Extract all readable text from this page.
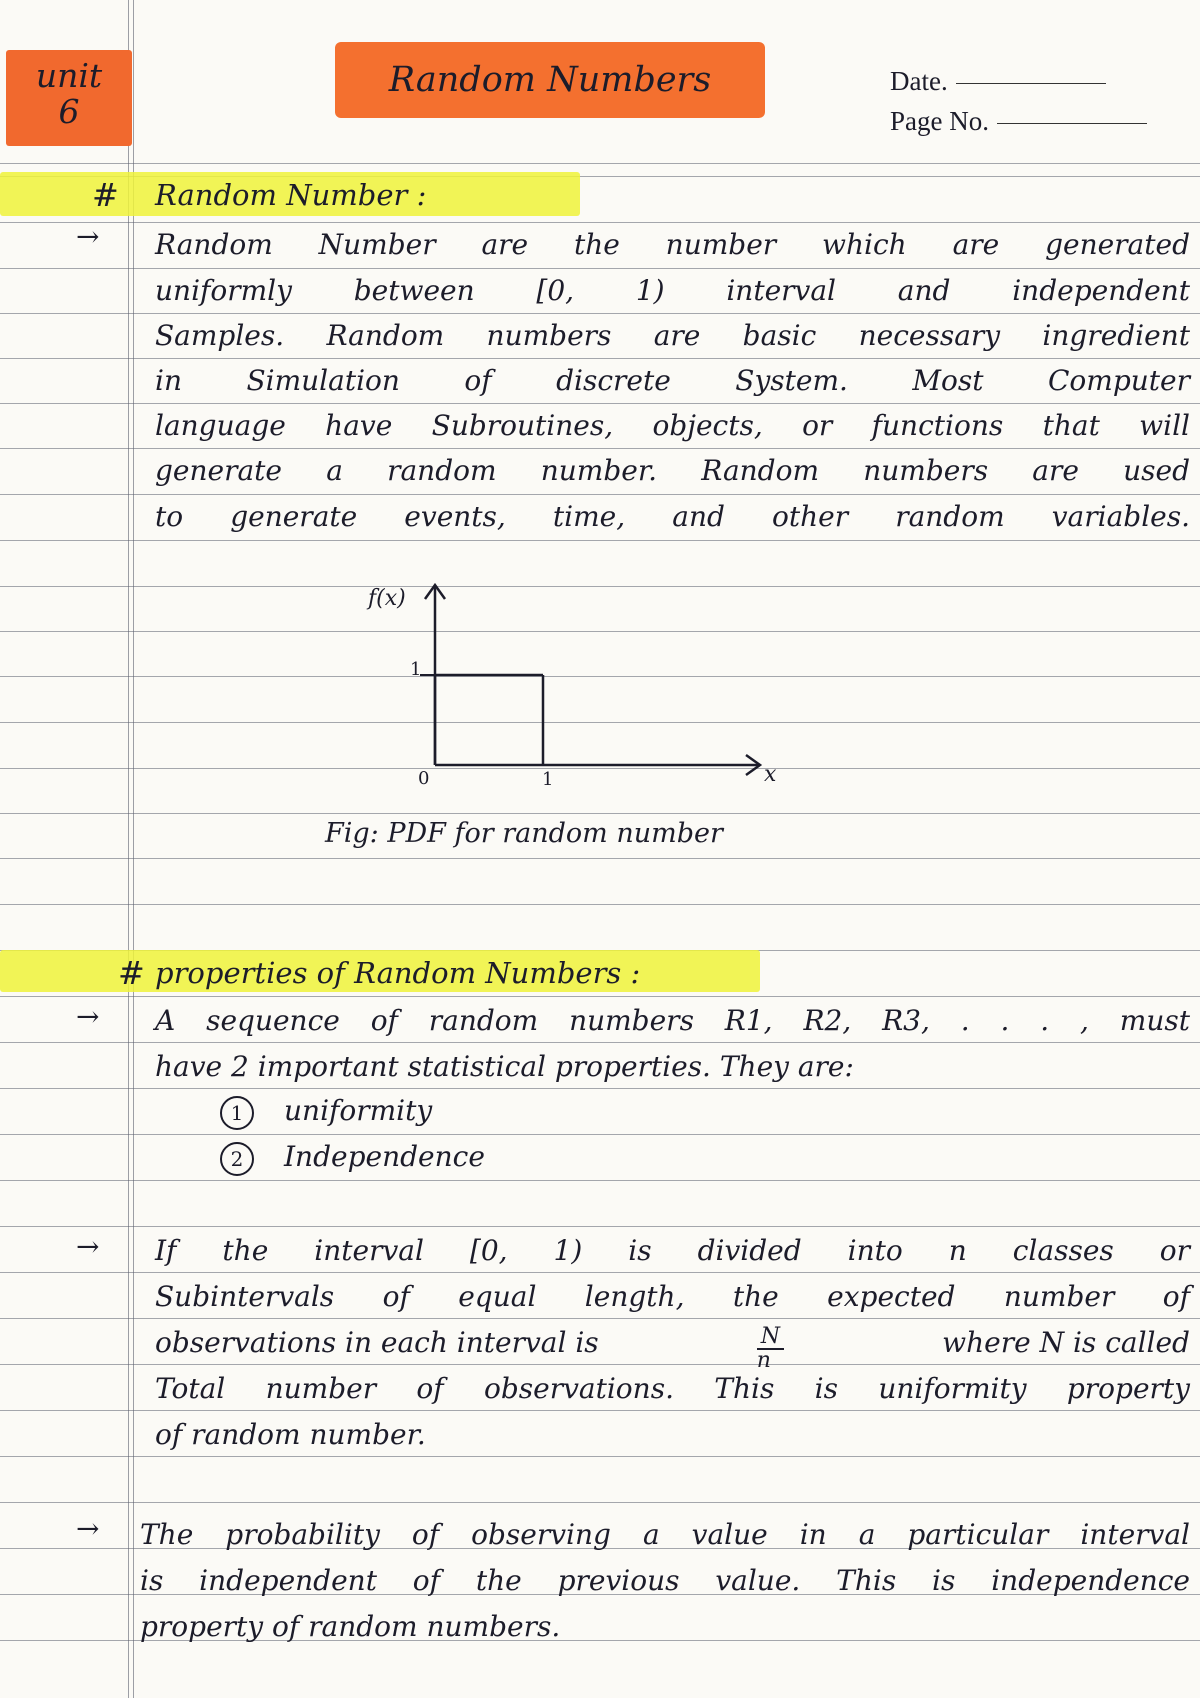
unit
6
Random Numbers	Date.
Page No.
# Random Number :
→ Random Number are the number which are generated
uniformly between [0, 1) interval and independent
Samples. Random numbers are basic necessary ingredient
in Simulation of discrete System. Most Computer
language have Subroutines, objects, or functions that will
generate a random number. Random numbers are used
to generate events, time, and other random variables.
f(x)
1
0	1	x
Fig: PDF for random number
# properties of Random Numbers :
→ A sequence of random numbers R1, R2, R3, . . . , must
have 2 important statistical properties. They are:
1 uniformity
2 Independence
→ If the interval [0, 1) is divided into n classes or
Subintervals of equal length, the expected number of
observations in each interval is	$\frac{N}{n}$	where N is called
Total number of observations. This is uniformity property
of random number.
→ The probability of observing a value in a particular interval
is independent of the previous value. This is independence
property of random numbers.
